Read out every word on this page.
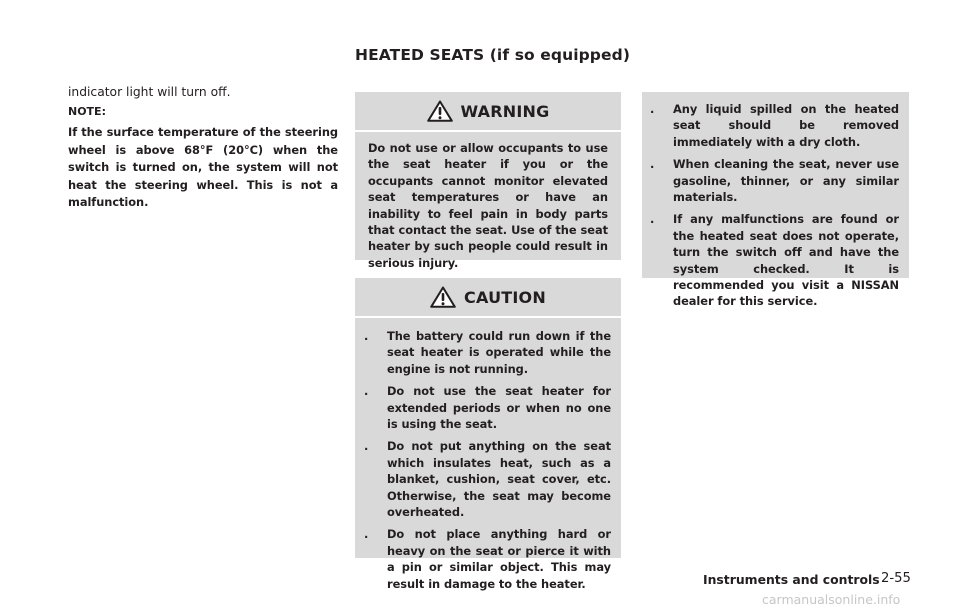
HEATED SEATS (if so equipped)

indicator light will turn off.

NOTE:

If the surface temperature of the steering wheel is above 68°F (20°C) when the switch is turned on, the system will not heat the steering wheel. This is not a malfunction.

WARNING

Do not use or allow occupants to use the seat heater if you or the occupants cannot monitor elevated seat temperatures or have an inability to feel pain in body parts that contact the seat. Use of the seat heater by such people could result in serious injury.

CAUTION
.	The battery could run down if the seat heater is operated while the engine is not running.
.	Do not use the seat heater for extended periods or when no one is using the seat.
.	Do not put anything on the seat which insulates heat, such as a blanket, cushion, seat cover, etc. Otherwise, the seat may become overheated.
.	Do not place anything hard or heavy on the seat or pierce it with a pin or similar object. This may result in damage to the heater.
.	Any liquid spilled on the heated seat should be removed immediately with a dry cloth.
.	When cleaning the seat, never use gasoline, thinner, or any similar materials.
.	If any malfunctions are found or the heated seat does not operate, turn the switch off and have the system checked. It is recommended you visit a NISSAN dealer for this service.
Instruments and controls 2-55
carmanualsonline.info
